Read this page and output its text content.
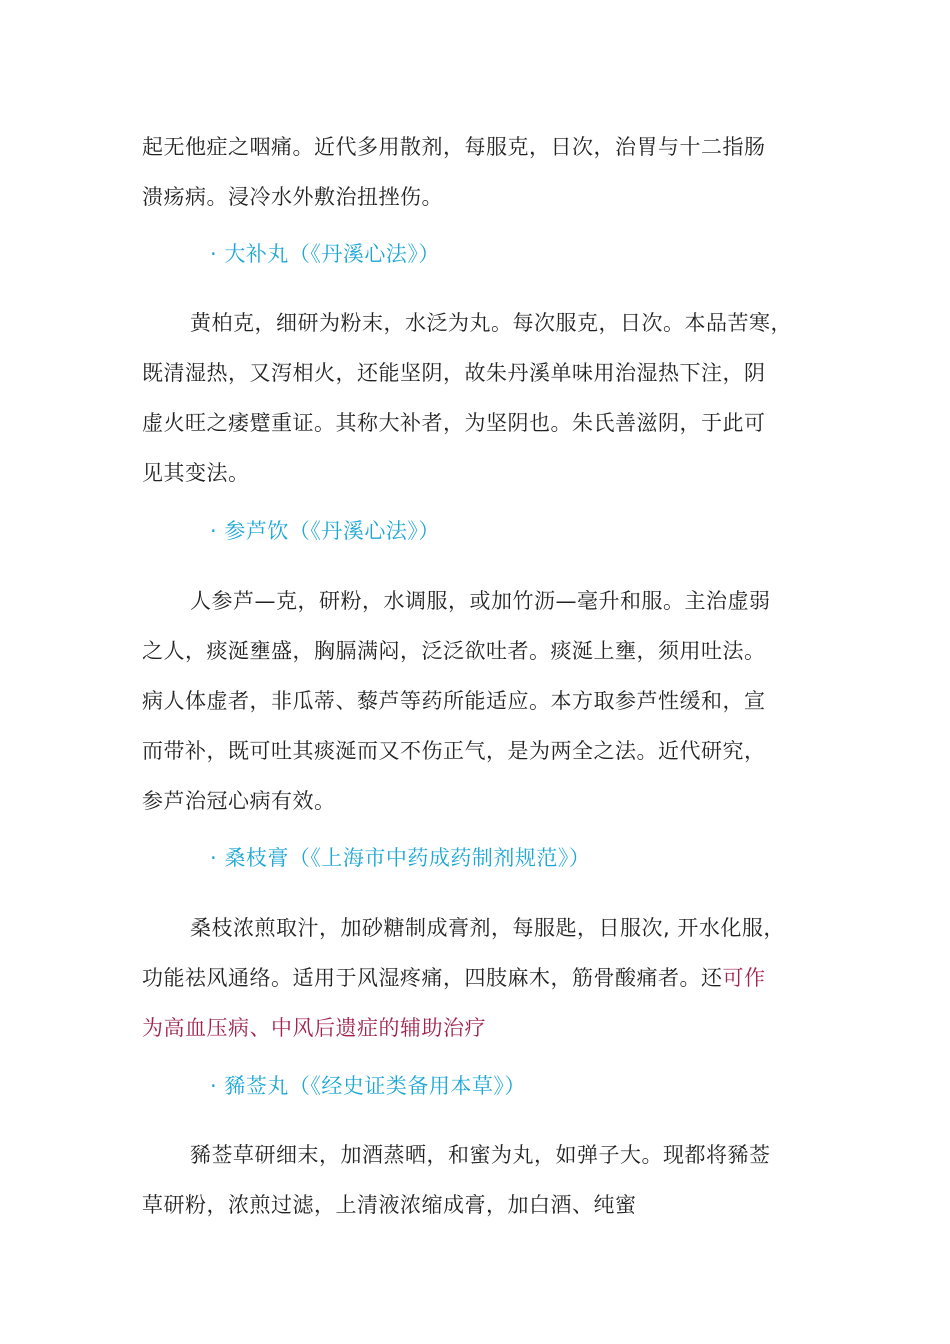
起无他症之咽痛。近代多用散剂，每服克，日次，治胃与十二指肠
溃疡病。浸冷水外敷治扭挫伤。

· 大补丸（《丹溪心法》）

黄柏克，细研为粉末，水泛为丸。每次服克，日次。本品苦寒，
既清湿热，又泻相火，还能坚阴，故朱丹溪单味用治湿热下注，阴
虚火旺之痿躄重证。其称大补者，为坚阴也。朱氏善滋阴，于此可
见其变法。

· 参芦饮（《丹溪心法》）

人参芦—克，研粉，水调服，或加竹沥—毫升和服。主治虚弱
之人，痰涎壅盛，胸膈满闷，泛泛欲吐者。痰涎上壅，须用吐法。
病人体虚者，非瓜蒂、藜芦等药所能适应。本方取参芦性缓和，宣
而带补，既可吐其痰涎而又不伤正气，是为两全之法。近代研究，
参芦治冠心病有效。

· 桑枝膏（《上海市中药成药制剂规范》）

桑枝浓煎取汁，加砂糖制成膏剂，每服匙，日服次, 开水化服，
功能祛风通络。适用于风湿疼痛，四肢麻木，筋骨酸痛者。还可作
为高血压病、中风后遗症的辅助治疗

· 豨莶丸（《经史证类备用本草》）

豨莶草研细末，加酒蒸晒，和蜜为丸，如弹子大。现都将豨莶
草研粉，浓煎过滤，上清液浓缩成膏，加白酒、纯蜜
